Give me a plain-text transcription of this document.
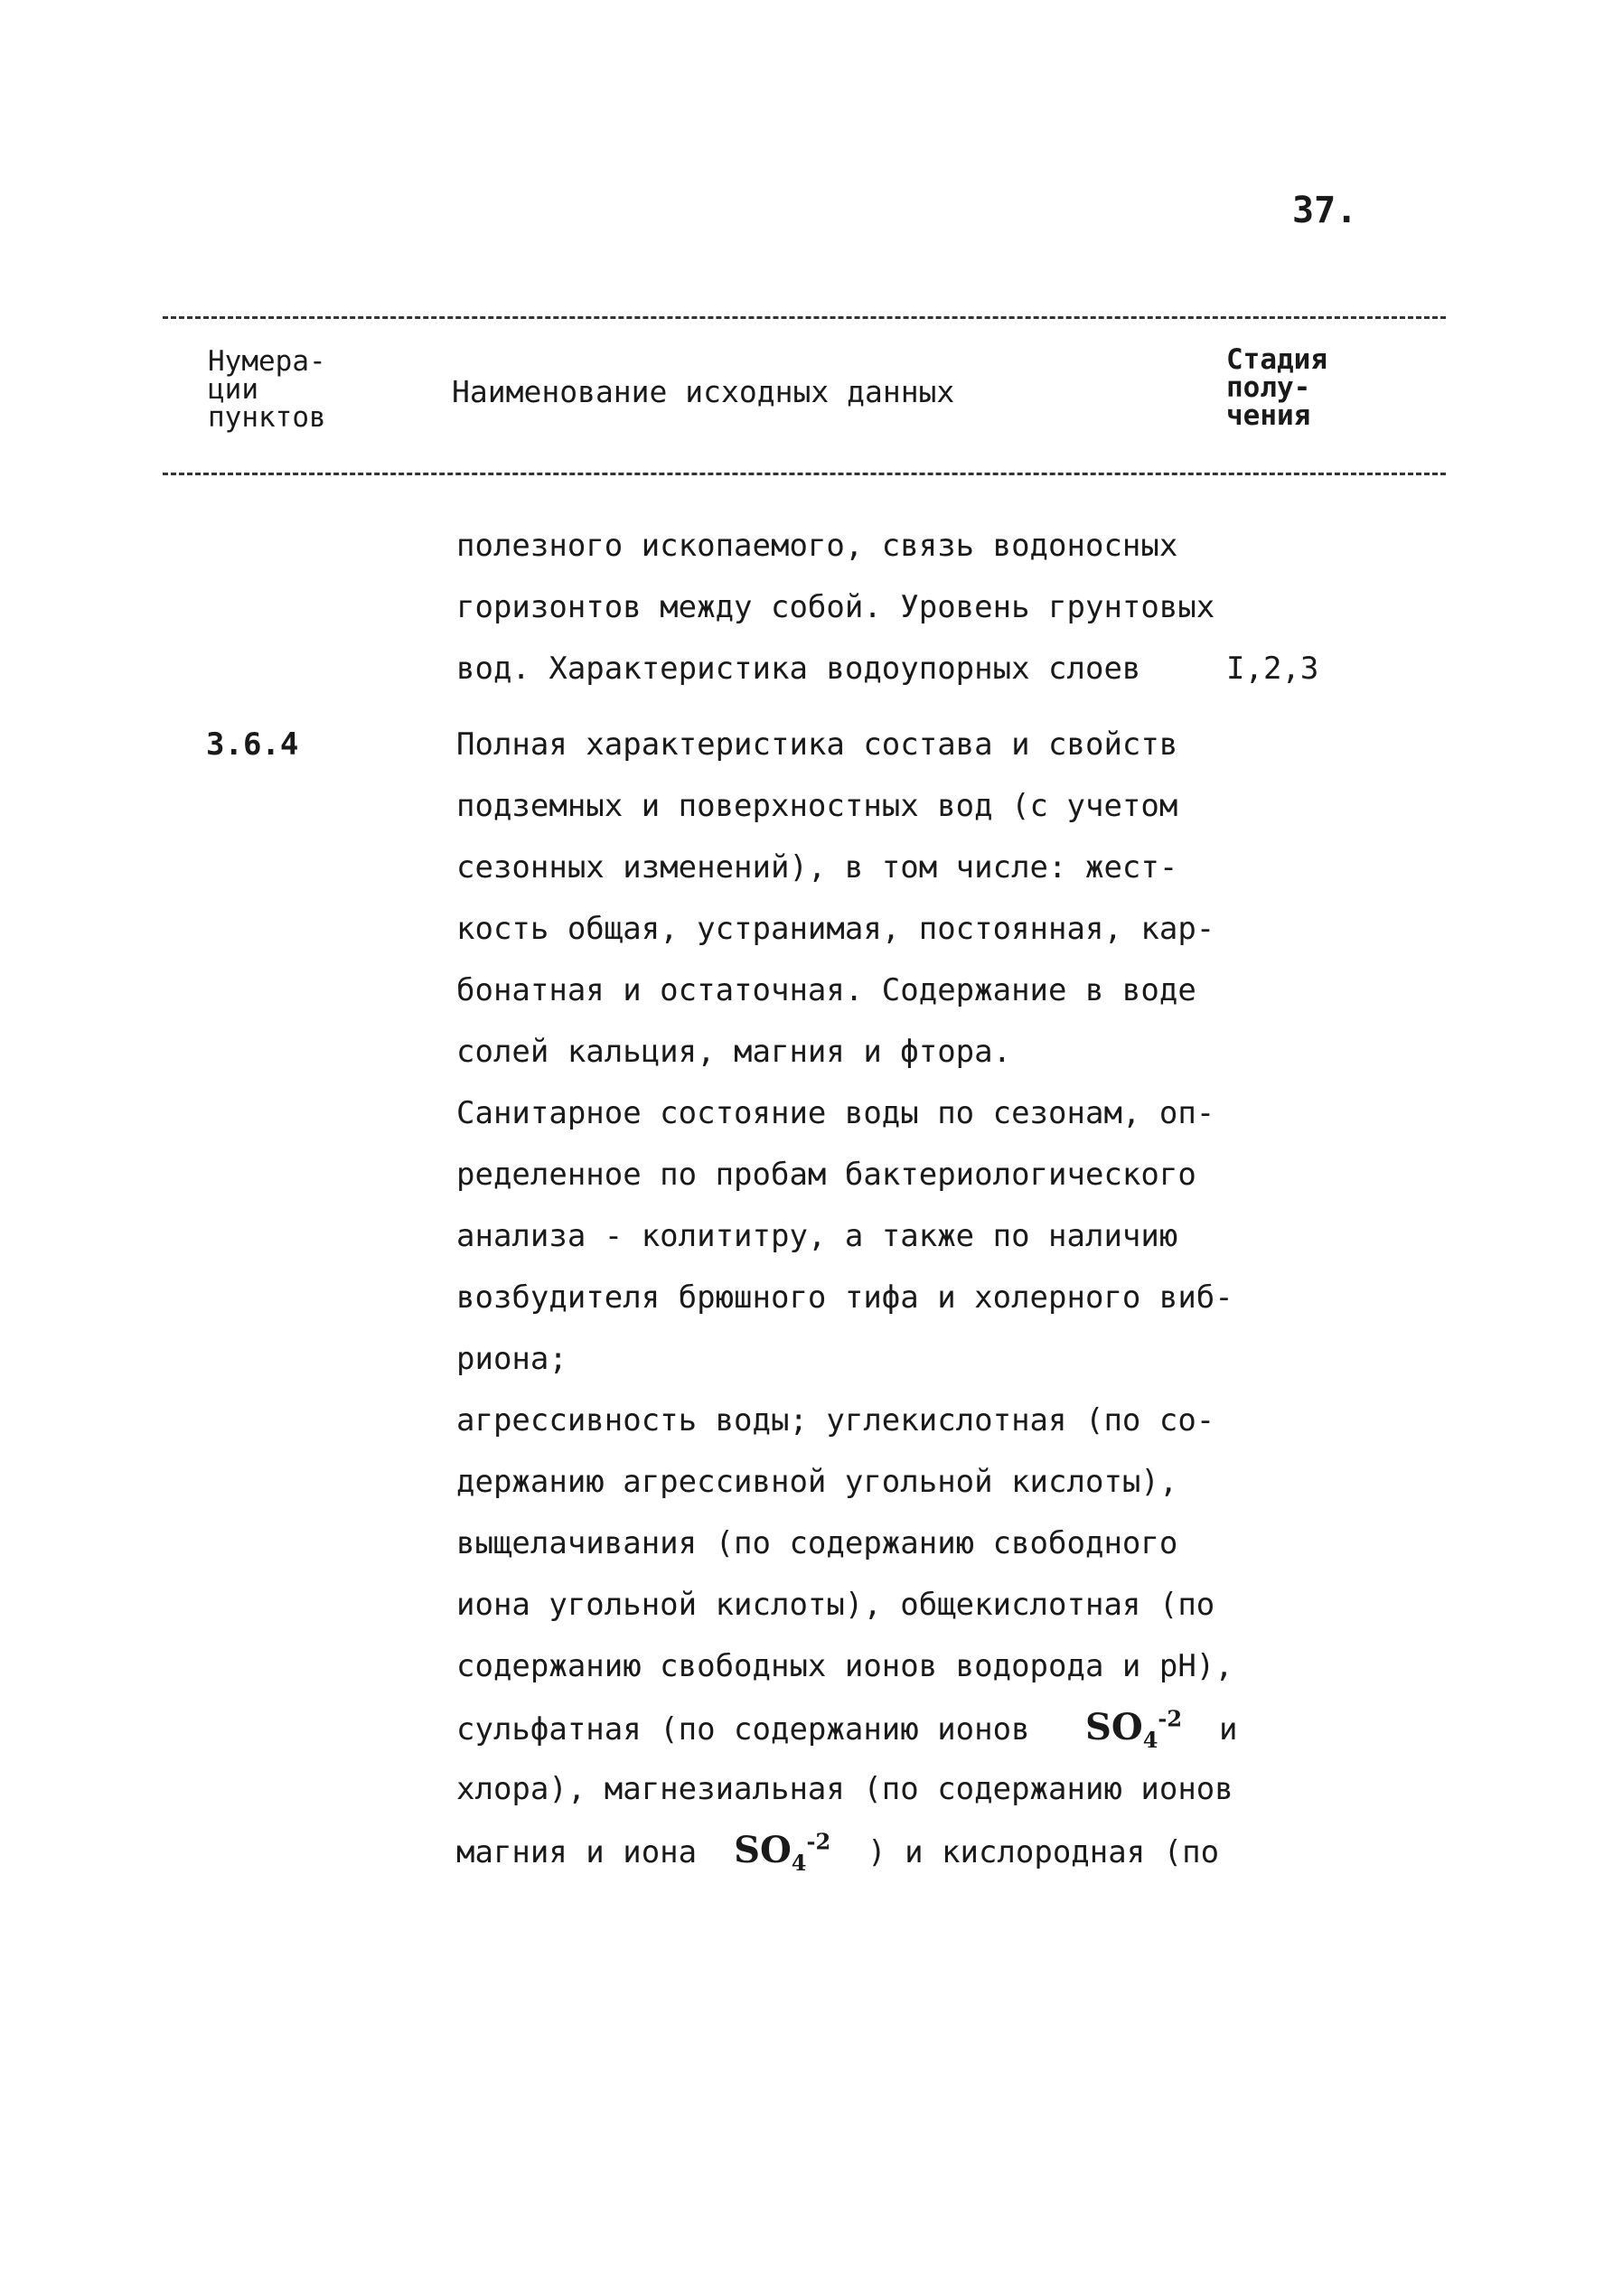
37.
Нумера-
ции
пунктов
Наименование исходных данных
Стадия
полу-
чения
полезного ископаемого, связь водоносных
горизонтов между собой. Уровень грунтовых
вод. Характеристика водоупорных слоев	I,2,3
3.6.4	Полная характеристика состава и свойств
подземных и поверхностных вод (с учетом
сезонных изменений), в том числе: жест-
кость общая, устранимая, постоянная, кар-
бонатная и остаточная. Содержание в воде
солей кальция, магния и фтора.
Санитарное состояние воды по сезонам, оп-
ределенное по пробам бактериологического
анализа - колититру, а также по наличию
возбудителя брюшного тифа и холерного виб-
риона;
агрессивность воды; углекислотная (по со-
держанию агрессивной угольной кислоты),
выщелачивания (по содержанию свободного
иона угольной кислоты), общекислотная (по
содержанию свободных ионов водорода и pH),
сульфатная (по содержанию ионов $SO_4^{-2}$ и
хлора), магнезиальная (по содержанию ионов
магния и иона $SO_4^{-2}$ ) и кислородная (по
